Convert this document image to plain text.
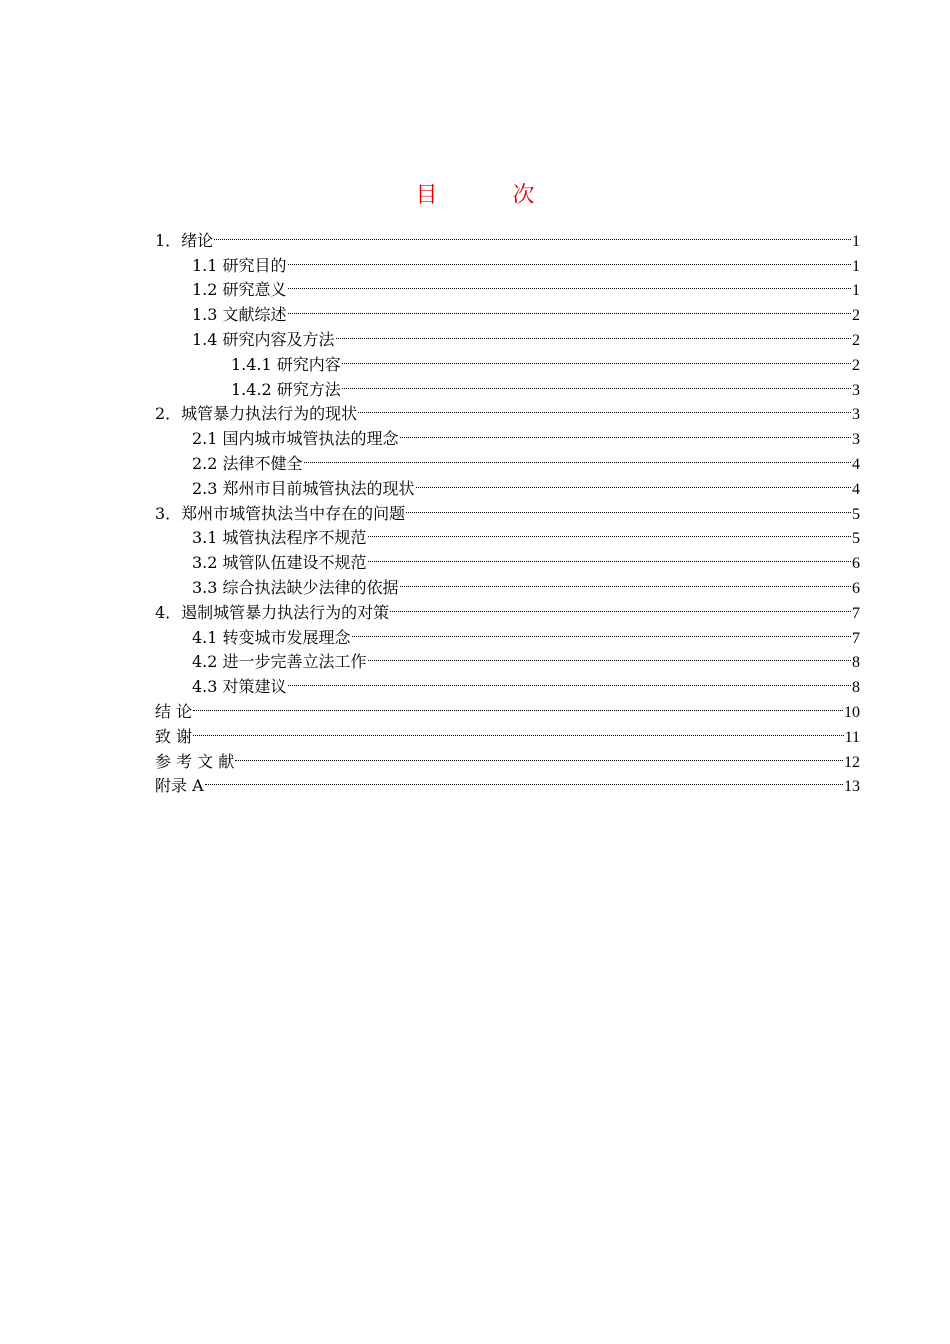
目 次
1．绪论	1
1.1 研究目的	1
1.2 研究意义	1
1.3 文献综述	2
1.4 研究内容及方法	2
1.4.1 研究内容	2
1.4.2 研究方法	3
2．城管暴力执法行为的现状	3
2.1 国内城市城管执法的理念	3
2.2 法律不健全	4
2.3 郑州市目前城管执法的现状	4
3．郑州市城管执法当中存在的问题	5
3.1 城管执法程序不规范	5
3.2 城管队伍建设不规范	6
3.3 综合执法缺少法律的依据	6
4．遏制城管暴力执法行为的对策	7
4.1 转变城市发展理念	7
4.2 进一步完善立法工作	8
4.3 对策建议	8
结 论	10
致 谢	11
参 考 文 献	12
附录 A	13
